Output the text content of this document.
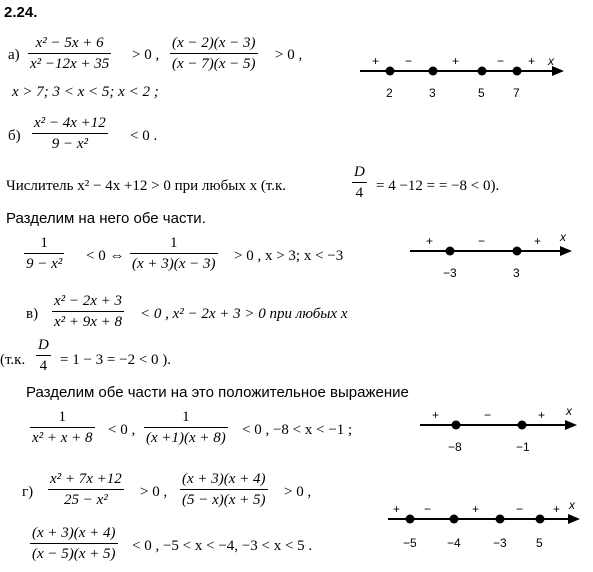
2.24.
а)
x² − 5x + 6
x² −12x + 35
> 0 ,
(x − 2)(x − 3)
(x − 7)(x − 5)
> 0 ,
x > 7; 3 < x < 5; x < 2 ;
+ −	+	− + x
2	3	5 7
б)
x² − 4x +12
9 − x²	< 0 .
Числитель x² − 4x +12 > 0 при любых x (т.к.
D
4 = 4 −12 = = −8 < 0).
Разделим на него обе части.
1
9 − x² < 0 ⇔
1
(x + 3)(x − 3) > 0 , x > 3; x < −3
+	−	+ x
−3	3
в)
x² − 2x + 3
x² + 9x + 8 < 0 , x² − 2x + 3 > 0 при любых x
(т.к.
D
4 = 1 − 3 = −2 < 0 ).
Разделим обе части на это положительное выражение
1
x² + x + 8 < 0 ,
1
(x +1)(x + 8) < 0 , −8 < x < −1 ;
+	−	+ x
−8	−1
г)
x² + 7x +12
25 − x²	> 0 ,
(x + 3)(x + 4)
(5 − x)(x + 5) > 0 ,
(x + 3)(x + 4)
(x − 5)(x + 5) < 0 , −5 < x < −4, −3 < x < 5 .
+ −	+	− + x
−5	−4	−3 5
